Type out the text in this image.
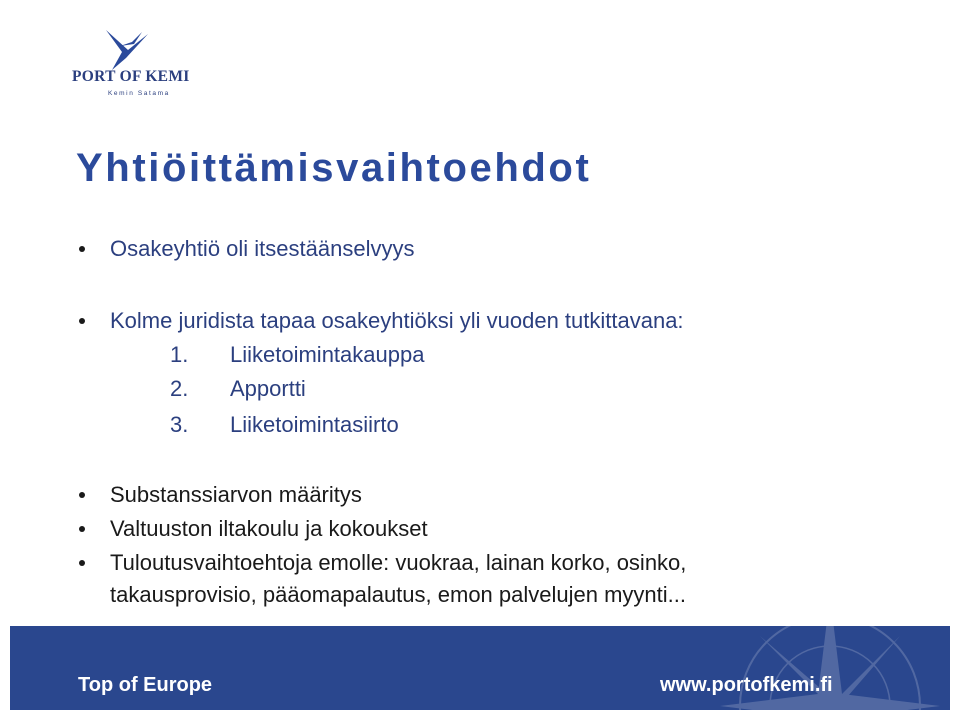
PORT OF KEMI
Kemin Satama
Yhtiöittämisvaihtoehdot
Osakeyhtiö oli itsestäänselvyys
Kolme juridista tapaa osakeyhtiöksi yli vuoden tutkittavana:
1. Liiketoimintakauppa
2. Apportti
3. Liiketoimintasiirto
Substanssiarvon määritys
Valtuuston iltakoulu ja kokoukset
Tuloutusvaihtoehtoja emolle: vuokraa, lainan korko, osinko,
takausprovisio, pääomapalautus, emon palvelujen myynti...
Top of Europe	www.portofkemi.fi
